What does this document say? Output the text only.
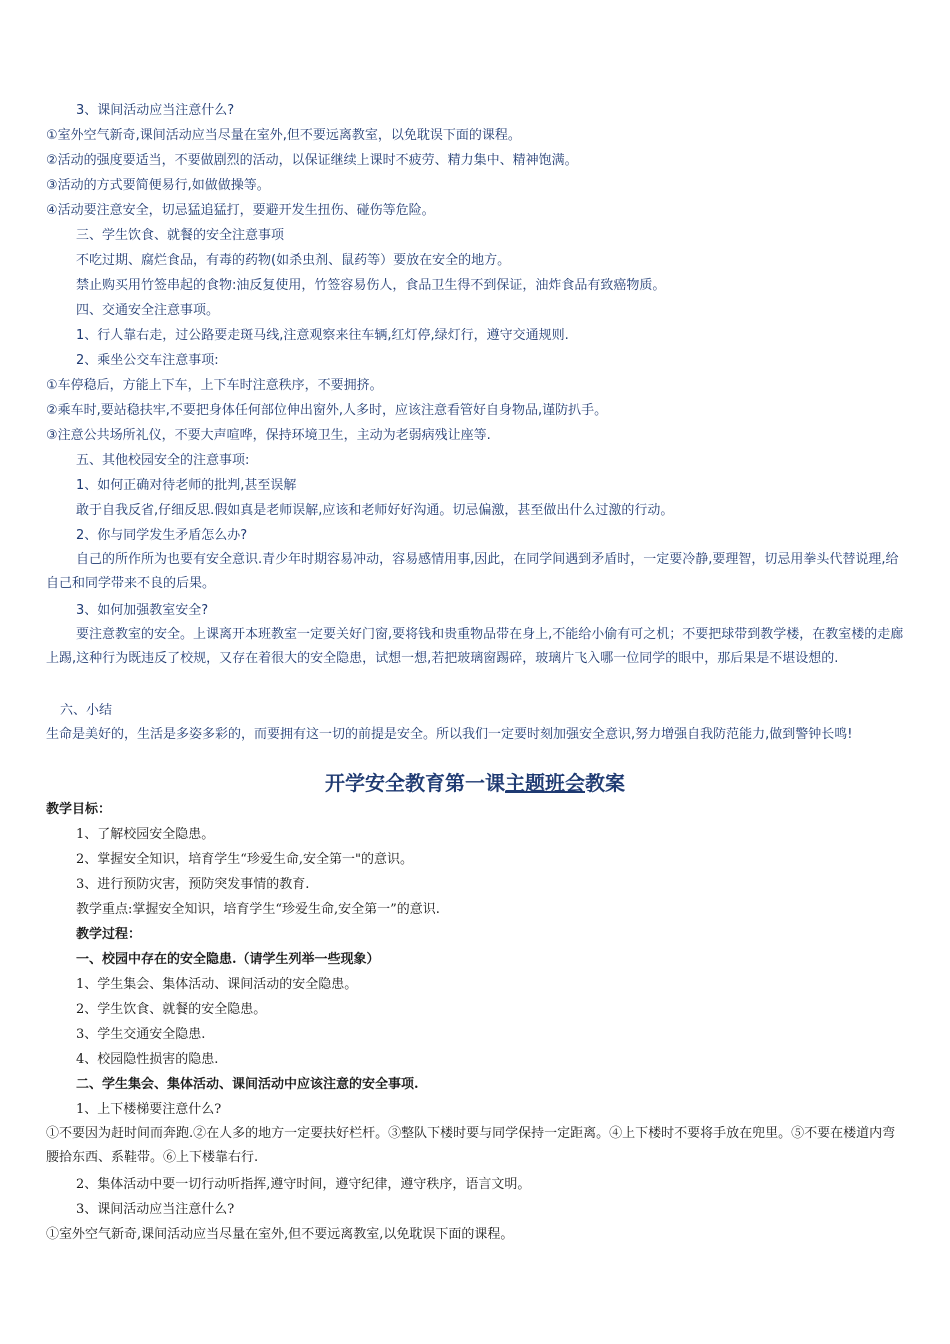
3、课间活动应当注意什么?
①室外空气新奇,课间活动应当尽量在室外,但不要远离教室，以免耽误下面的课程。
②活动的强度要适当，不要做剧烈的活动，以保证继续上课时不疲劳、精力集中、精神饱满。
③活动的方式要简便易行,如做做操等。
④活动要注意安全，切忌猛追猛打，要避开发生扭伤、碰伤等危险。
三、学生饮食、就餐的安全注意事项
不吃过期、腐烂食品，有毒的药物(如杀虫剂、鼠药等）要放在安全的地方。
禁止购买用竹签串起的食物:油反复使用，竹签容易伤人，食品卫生得不到保证，油炸食品有致癌物质。
四、交通安全注意事项。
1、行人靠右走，过公路要走斑马线,注意观察来往车辆,红灯停,绿灯行，遵守交通规则.
2、乘坐公交车注意事项:
①车停稳后，方能上下车，上下车时注意秩序，不要拥挤。
②乘车时,要站稳扶牢,不要把身体任何部位伸出窗外,人多时，应该注意看管好自身物品,谨防扒手。
③注意公共场所礼仪，不要大声喧哗，保持环境卫生，主动为老弱病残让座等.
五、其他校园安全的注意事项:
1、如何正确对待老师的批判,甚至误解
敢于自我反省,仔细反思.假如真是老师误解,应该和老师好好沟通。切忌偏激，甚至做出什么过激的行动。
2、你与同学发生矛盾怎么办?
自己的所作所为也要有安全意识.青少年时期容易冲动，容易感情用事,因此，在同学间遇到矛盾时，一定要冷静,要理智，切忌用拳头代替说理,给自己和同学带来不良的后果。
3、如何加强教室安全?
要注意教室的安全。上课离开本班教室一定要关好门窗,要将钱和贵重物品带在身上,不能给小偷有可之机；不要把球带到教学楼，在教室楼的走廊上踢,这种行为既违反了校规，又存在着很大的安全隐患，试想一想,若把玻璃窗踢碎，玻璃片飞入哪一位同学的眼中，那后果是不堪设想的.
六、小结
生命是美好的，生活是多姿多彩的，而要拥有这一切的前提是安全。所以我们一定要时刻加强安全意识,努力增强自我防范能力,做到警钟长鸣!
开学安全教育第一课主题班会教案
教学目标：
1、了解校园安全隐患。
2、掌握安全知识，培育学生“珍爱生命,安全第一"的意识。
3、进行预防灾害，预防突发事情的教育.
教学重点:掌握安全知识，培育学生“珍爱生命,安全第一”的意识.
教学过程：
一、校园中存在的安全隐患.（请学生列举一些现象）
1、学生集会、集体活动、课间活动的安全隐患。
2、学生饮食、就餐的安全隐患。
3、学生交通安全隐患.
4、校园隐性损害的隐患.
二、学生集会、集体活动、课间活动中应该注意的安全事项.
1、上下楼梯要注意什么?
①不要因为赶时间而奔跑.②在人多的地方一定要扶好栏杆。③整队下楼时要与同学保持一定距离。④上下楼时不要将手放在兜里。⑤不要在楼道内弯腰拾东西、系鞋带。⑥上下楼靠右行.
2、集体活动中要一切行动听指挥,遵守时间，遵守纪律，遵守秩序，语言文明。
3、课间活动应当注意什么?
①室外空气新奇,课间活动应当尽量在室外,但不要远离教室,以免耽误下面的课程。
